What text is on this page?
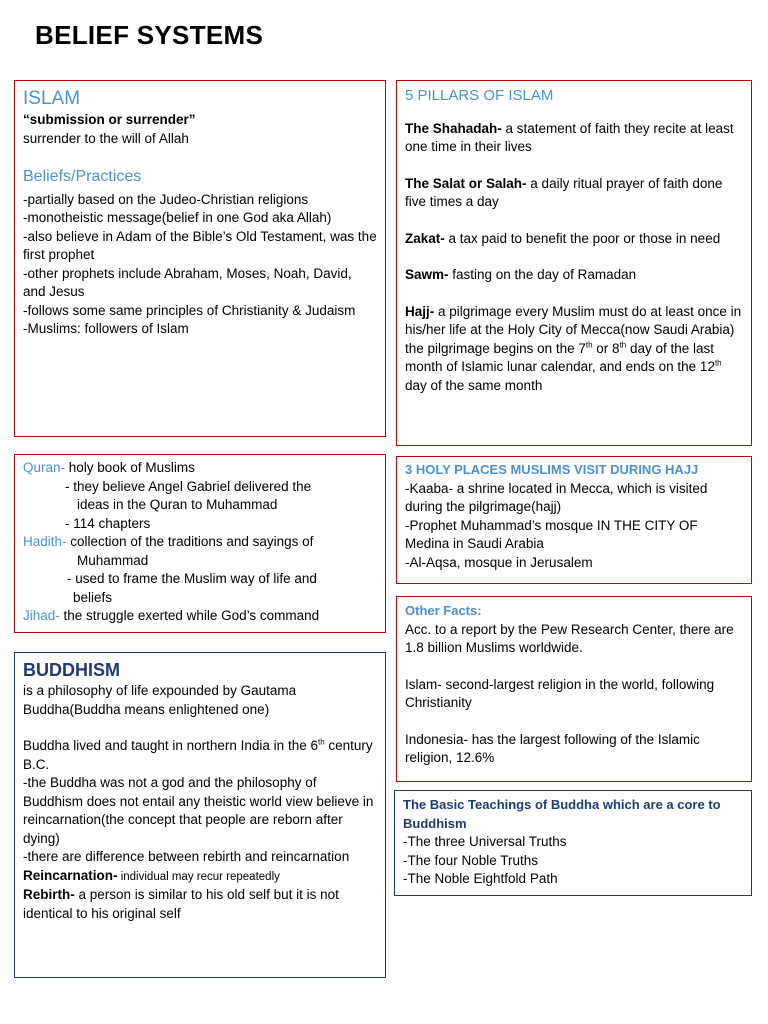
BELIEF SYSTEMS

ISLAM

“submission or surrender”

surrender to the will of Allah

Beliefs/Practices

-partially based on the Judeo-Christian religions

-monotheistic message(belief in one God aka Allah)

-also believe in Adam of the Bible’s Old Testament, was the first prophet

-other prophets include Abraham, Moses, Noah, David, and Jesus

-follows some same principles of Christianity & Judaism

-Muslims: followers of Islam

5 PILLARS OF ISLAM

The Shahadah- a statement of faith they recite at least one time in their lives

The Salat or Salah- a daily ritual prayer of faith done five times a day

Zakat- a tax paid to benefit the poor or those in need

Sawm- fasting on the day of Ramadan

Hajj- a pilgrimage every Muslim must do at least once in his/her life at the Holy City of Mecca(now Saudi Arabia) the pilgrimage begins on the 7th or 8th day of the last month of Islamic lunar calendar, and ends on the 12th day of the same month

Quran- holy book of Muslims

- they believe Angel Gabriel delivered the

ideas in the Quran to Muhammad

- 114 chapters

Hadith- collection of the traditions and sayings of

Muhammad

- used to frame the Muslim way of life and

beliefs

Jihad- the struggle exerted while God’s command

3 HOLY PLACES MUSLIMS VISIT DURING HAJJ

-Kaaba- a shrine located in Mecca, which is visited during the pilgrimage(hajj)

-Prophet Muhammad’s mosque IN THE CITY OF Medina in Saudi Arabia

-Al-Aqsa, mosque in Jerusalem

Other Facts:

Acc. to a report by the Pew Research Center, there are 1.8 billion Muslims worldwide.

Islam- second-largest religion in the world, following Christianity

Indonesia- has the largest following of the Islamic religion, 12.6%

BUDDHISM

is a philosophy of life expounded by Gautama Buddha(Buddha means enlightened one)

Buddha lived and taught in northern India in the 6th century B.C.

-the Buddha was not a god and the philosophy of Buddhism does not entail any theistic world view believe in reincarnation(the concept that people are reborn after dying)

-there are difference between rebirth and reincarnation

Reincarnation- individual may recur repeatedly

Rebirth- a person is similar to his old self but it is not identical to his original self

The Basic Teachings of Buddha which are a core to Buddhism

-The three Universal Truths

-The four Noble Truths

-The Noble Eightfold Path
